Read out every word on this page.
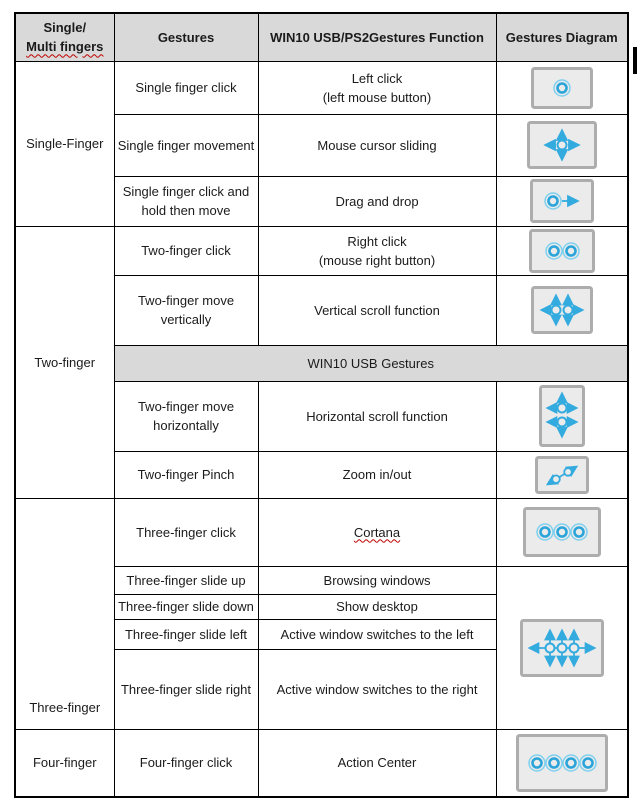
Single/
Multi fingers	Gestures	WIN10 USB/PS2Gestures Function	Gestures Diagram
Single-Finger	Single finger click	Left click
(left mouse button)

	Single finger movement	Mouse cursor sliding	

	Single finger click and
hold then move	Drag and drop	

Two-finger	Two-finger click	Right click
(mouse right button)

	Two-finger move
vertically	Vertical scroll function	

	WIN10 USB Gestures		

	Two-finger move
horizontally	Horizontal scroll function	

	Two-finger Pinch	Zoom in/out	

Three-finger	Three-finger click	Cortana	

	Three-finger slide up	Browsing windows	

	Three-finger slide down	Show desktop	
	Three-finger slide left	Active window switches to the left	
	Three-finger slide right	Active window switches to the right	
Four-finger	Four-finger click	Action Center	
